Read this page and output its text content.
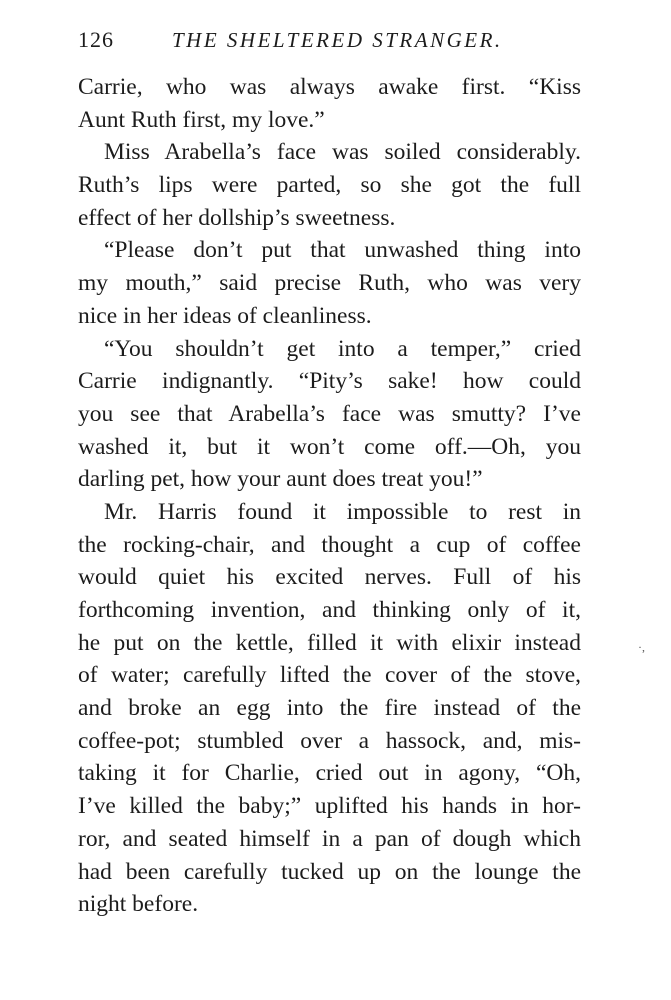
126	THE SHELTERED STRANGER.
Carrie, who was always awake first. “Kiss
Aunt Ruth first, my love.”
Miss Arabella’s face was soiled considerably.
Ruth’s lips were parted, so she got the full
effect of her dollship’s sweetness.
“Please don’t put that unwashed thing into
my mouth,” said precise Ruth, who was very
nice in her ideas of cleanliness.
“You shouldn’t get into a temper,” cried
Carrie indignantly. “Pity’s sake! how could
you see that Arabella’s face was smutty? I’ve
washed it, but it won’t come off.—Oh, you
darling pet, how your aunt does treat you!”
Mr. Harris found it impossible to rest in
the rocking-chair, and thought a cup of coffee
would quiet his excited nerves. Full of his
forthcoming invention, and thinking only of it,
he put on the kettle, filled it with elixir instead
of water; carefully lifted the cover of the stove,
and broke an egg into the fire instead of the
coffee-pot; stumbled over a hassock, and, mis-
taking it for Charlie, cried out in agony, “Oh,
I’ve killed the baby;” uplifted his hands in hor-
ror, and seated himself in a pan of dough which
had been carefully tucked up on the lounge the
night before.
·,
